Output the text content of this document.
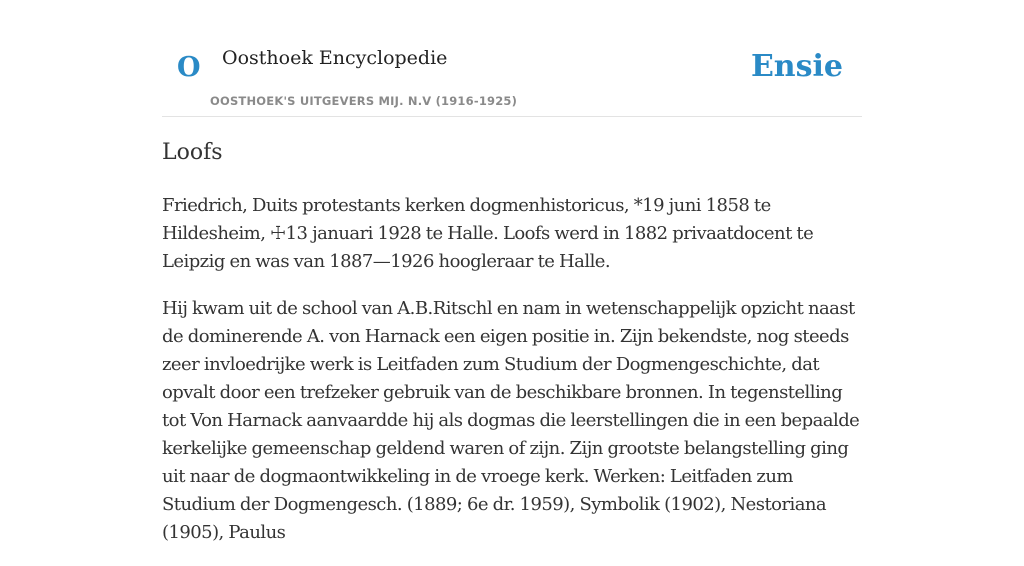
O Oosthoek Encyclopedie
OOSTHOEK'S UITGEVERS MIJ. N.V (1916-1925)
Ensie
Loofs

Friedrich, Duits protestants kerken dogmenhistoricus, *19 juni 1858 te Hildesheim, ☩13 januari 1928 te Halle. Loofs werd in 1882 privaatdocent te Leipzig en was van 1887—1926 hoogleraar te Halle.

Hij kwam uit de school van A.B.Ritschl en nam in wetenschappelijk opzicht naast de dominerende A. von Harnack een eigen positie in. Zijn bekendste, nog steeds zeer invloedrijke werk is Leitfaden zum Studium der Dogmengeschichte, dat opvalt door een trefzeker gebruik van de beschikbare bronnen. In tegenstelling tot Von Harnack aanvaardde hij als dogmas die leerstellingen die in een bepaalde kerkelijke gemeenschap geldend waren of zijn. Zijn grootste belangstelling ging uit naar de dogmaontwikkeling in de vroege kerk. Werken: Leitfaden zum Studium der Dogmengesch. (1889; 6e dr. 1959), Symbolik (1902), Nestoriana (1905), Paulus
